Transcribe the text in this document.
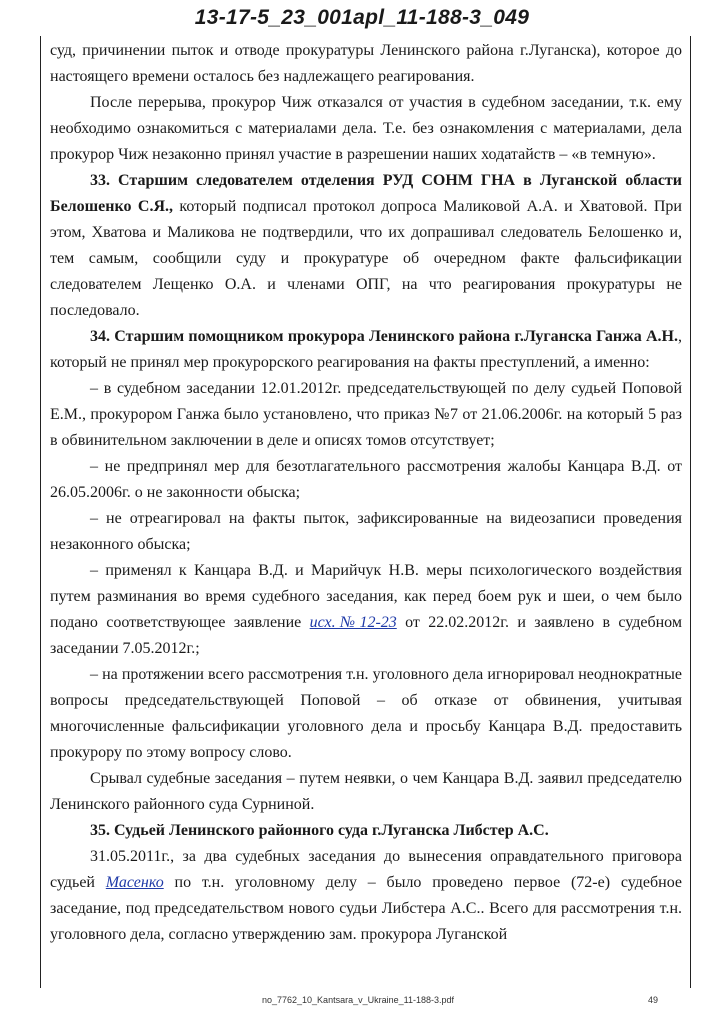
13-17-5_23_001apl_11-188-3_049

суд, причинении пыток и отводе прокуратуры Ленинского района г.Луганска), которое до настоящего времени осталось без надлежащего реагирования.

После перерыва, прокурор Чиж отказался от участия в судебном заседании, т.к. ему необходимо ознакомиться с материалами дела. Т.е. без ознакомления с материалами, дела прокурор Чиж незаконно принял участие в разрешении наших ходатайств – «в темную».

33. Старшим следователем отделения РУД СОНМ ГНА в Луганской области Белошенко С.Я., который подписал протокол допроса Маликовой А.А. и Хватовой. При этом, Хватова и Маликова не подтвердили, что их допрашивал следователь Белошенко и, тем самым, сообщили суду и прокуратуре об очередном факте фальсификации следователем Лещенко О.А. и членами ОПГ, на что реагирования прокуратуры не последовало.

34. Старшим помощником прокурора Ленинского района г.Луганска Ганжа А.Н., который не принял мер прокурорского реагирования на факты преступлений, а именно:

– в судебном заседании 12.01.2012г. председательствующей по делу судьей Поповой Е.М., прокурором Ганжа было установлено, что приказ №7 от 21.06.2006г. на который 5 раз в обвинительном заключении в деле и описях томов отсутствует;

– не предпринял мер для безотлагательного рассмотрения жалобы Канцара В.Д. от 26.05.2006г. о не законности обыска;

– не отреагировал на факты пыток, зафиксированные на видеозаписи проведения незаконного обыска;

– применял к Канцара В.Д. и Марийчук Н.В. меры психологического воздействия путем разминания во время судебного заседания, как перед боем рук и шеи, о чем было подано соответствующее заявление исх.№12-23 от 22.02.2012г. и заявлено в судебном заседании 7.05.2012г.;

– на протяжении всего рассмотрения т.н. уголовного дела игнорировал неоднократные вопросы председательствующей Поповой – об отказе от обвинения, учитывая многочисленные фальсификации уголовного дела и просьбу Канцара В.Д. предоставить прокурору по этому вопросу слово.

Срывал судебные заседания – путем неявки, о чем Канцара В.Д. заявил председателю Ленинского районного суда Сурниной.

35. Судьей Ленинского районного суда г.Луганска Либстер А.С.

31.05.2011г., за два судебных заседания до вынесения оправдательного приговора судьей Масенко по т.н. уголовному делу – было проведено первое (72-е) судебное заседание, под председательством нового судьи Либстера А.С.. Всего для рассмотрения т.н. уголовного дела, согласно утверждению зам. прокурора Луганской

no_7762_10_Kantsara_v_Ukraine_11-188-3.pdf	49
